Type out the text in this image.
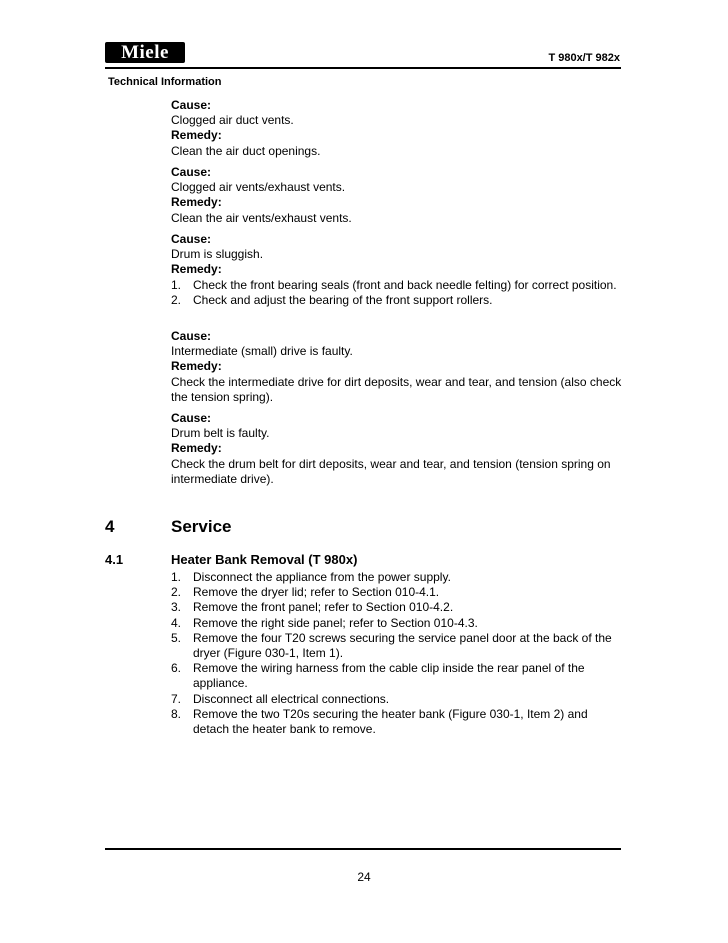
Miele	T 980x/T 982x
Technical Information
Cause:
Clogged air duct vents.
Remedy:
Clean the air duct openings.
Cause:
Clogged air vents/exhaust vents.
Remedy:
Clean the air vents/exhaust vents.
Cause:
Drum is sluggish.
Remedy:
1. Check the front bearing seals (front and back needle felting) for correct position.
2. Check and adjust the bearing of the front support rollers.
Cause:
Intermediate (small) drive is faulty.
Remedy:
Check the intermediate drive for dirt deposits, wear and tear, and tension (also check the tension spring).
Cause:
Drum belt is faulty.
Remedy:
Check the drum belt for dirt deposits, wear and tear, and tension (tension spring on intermediate drive).
4	Service
4.1	Heater Bank Removal (T 980x)
1. Disconnect the appliance from the power supply.
2. Remove the dryer lid; refer to Section 010-4.1.
3. Remove the front panel; refer to Section 010-4.2.
4. Remove the right side panel; refer to Section 010-4.3.
5. Remove the four T20 screws securing the service panel door at the back of the dryer (Figure 030-1, Item 1).
6. Remove the wiring harness from the cable clip inside the rear panel of the appliance.
7. Disconnect all electrical connections.
8. Remove the two T20s securing the heater bank (Figure 030-1, Item 2) and detach the heater bank to remove.
24
